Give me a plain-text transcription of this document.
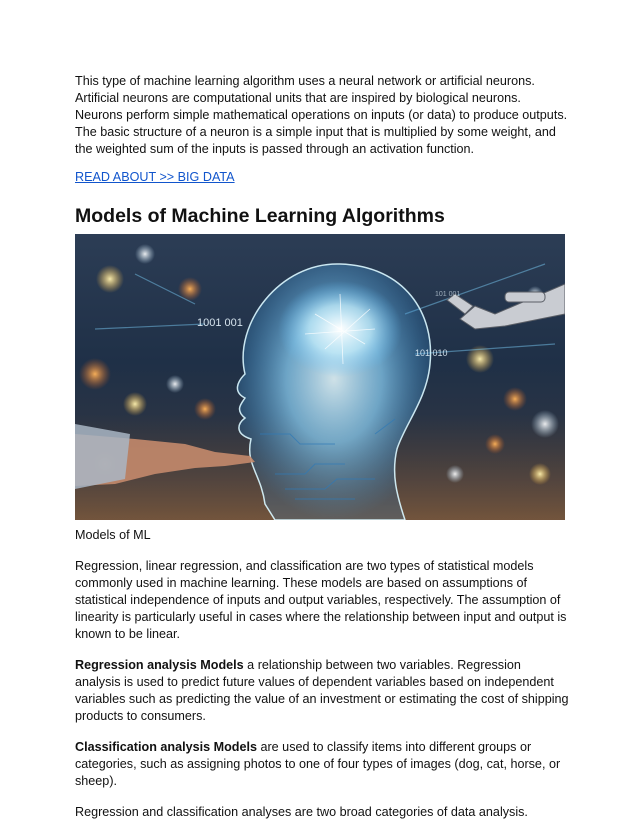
This type of machine learning algorithm uses a neural network or artificial neurons. Artificial neurons are computational units that are inspired by biological neurons. Neurons perform simple mathematical operations on inputs (or data) to produce outputs. The basic structure of a neuron is a simple input that is multiplied by some weight, and the weighted sum of the inputs is passed through an activation function.

READ ABOUT >> BIG DATA
Models of Machine Learning Algorithms
1001 001
101 010
101 001

Models of ML

Regression, linear regression, and classification are two types of statistical models commonly used in machine learning. These models are based on assumptions of statistical independence of inputs and output variables, respectively. The assumption of linearity is particularly useful in cases where the relationship between input and output is known to be linear.

Regression analysis Models a relationship between two variables. Regression analysis is used to predict future values of dependent variables based on independent variables such as predicting the value of an investment or estimating the cost of shipping products to consumers.

Classification analysis Models are used to classify items into different groups or categories, such as assigning photos to one of four types of images (dog, cat, horse, or sheep).

Regression and classification analyses are two broad categories of data analysis.
